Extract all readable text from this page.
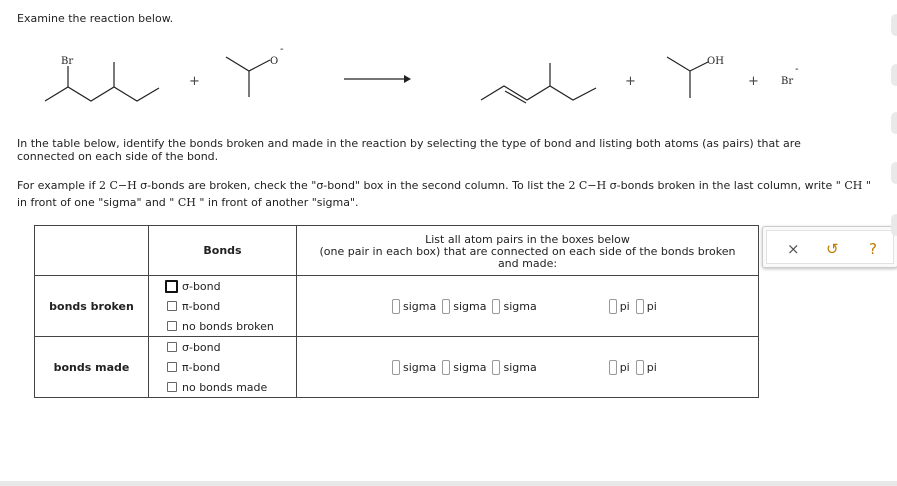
Examine the reaction below.
Br
+
O
-
OH
+	+ Br
-
In the table below, identify the bonds broken and made in the reaction by selecting the type of bond and listing both atoms (as pairs) that are connected on each side of the bond.
For example if 2 C−H σ-bonds are broken, check the "σ-bond" box in the second column. To list the 2 C−H σ-bonds broken in the last column, write " CH " in front of one "sigma" and " CH " in front of another "sigma".
	Bonds	List all atom pairs in the boxes below
(one pair in each box) that are connected on each side of the bonds broken and made:

bonds broken	σ-bond
π-bond
no bonds broken	sigma sigma sigma pi pi

bonds made	σ-bond
π-bond
no bonds made	sigma sigma sigma pi pi
× ↺ ?
